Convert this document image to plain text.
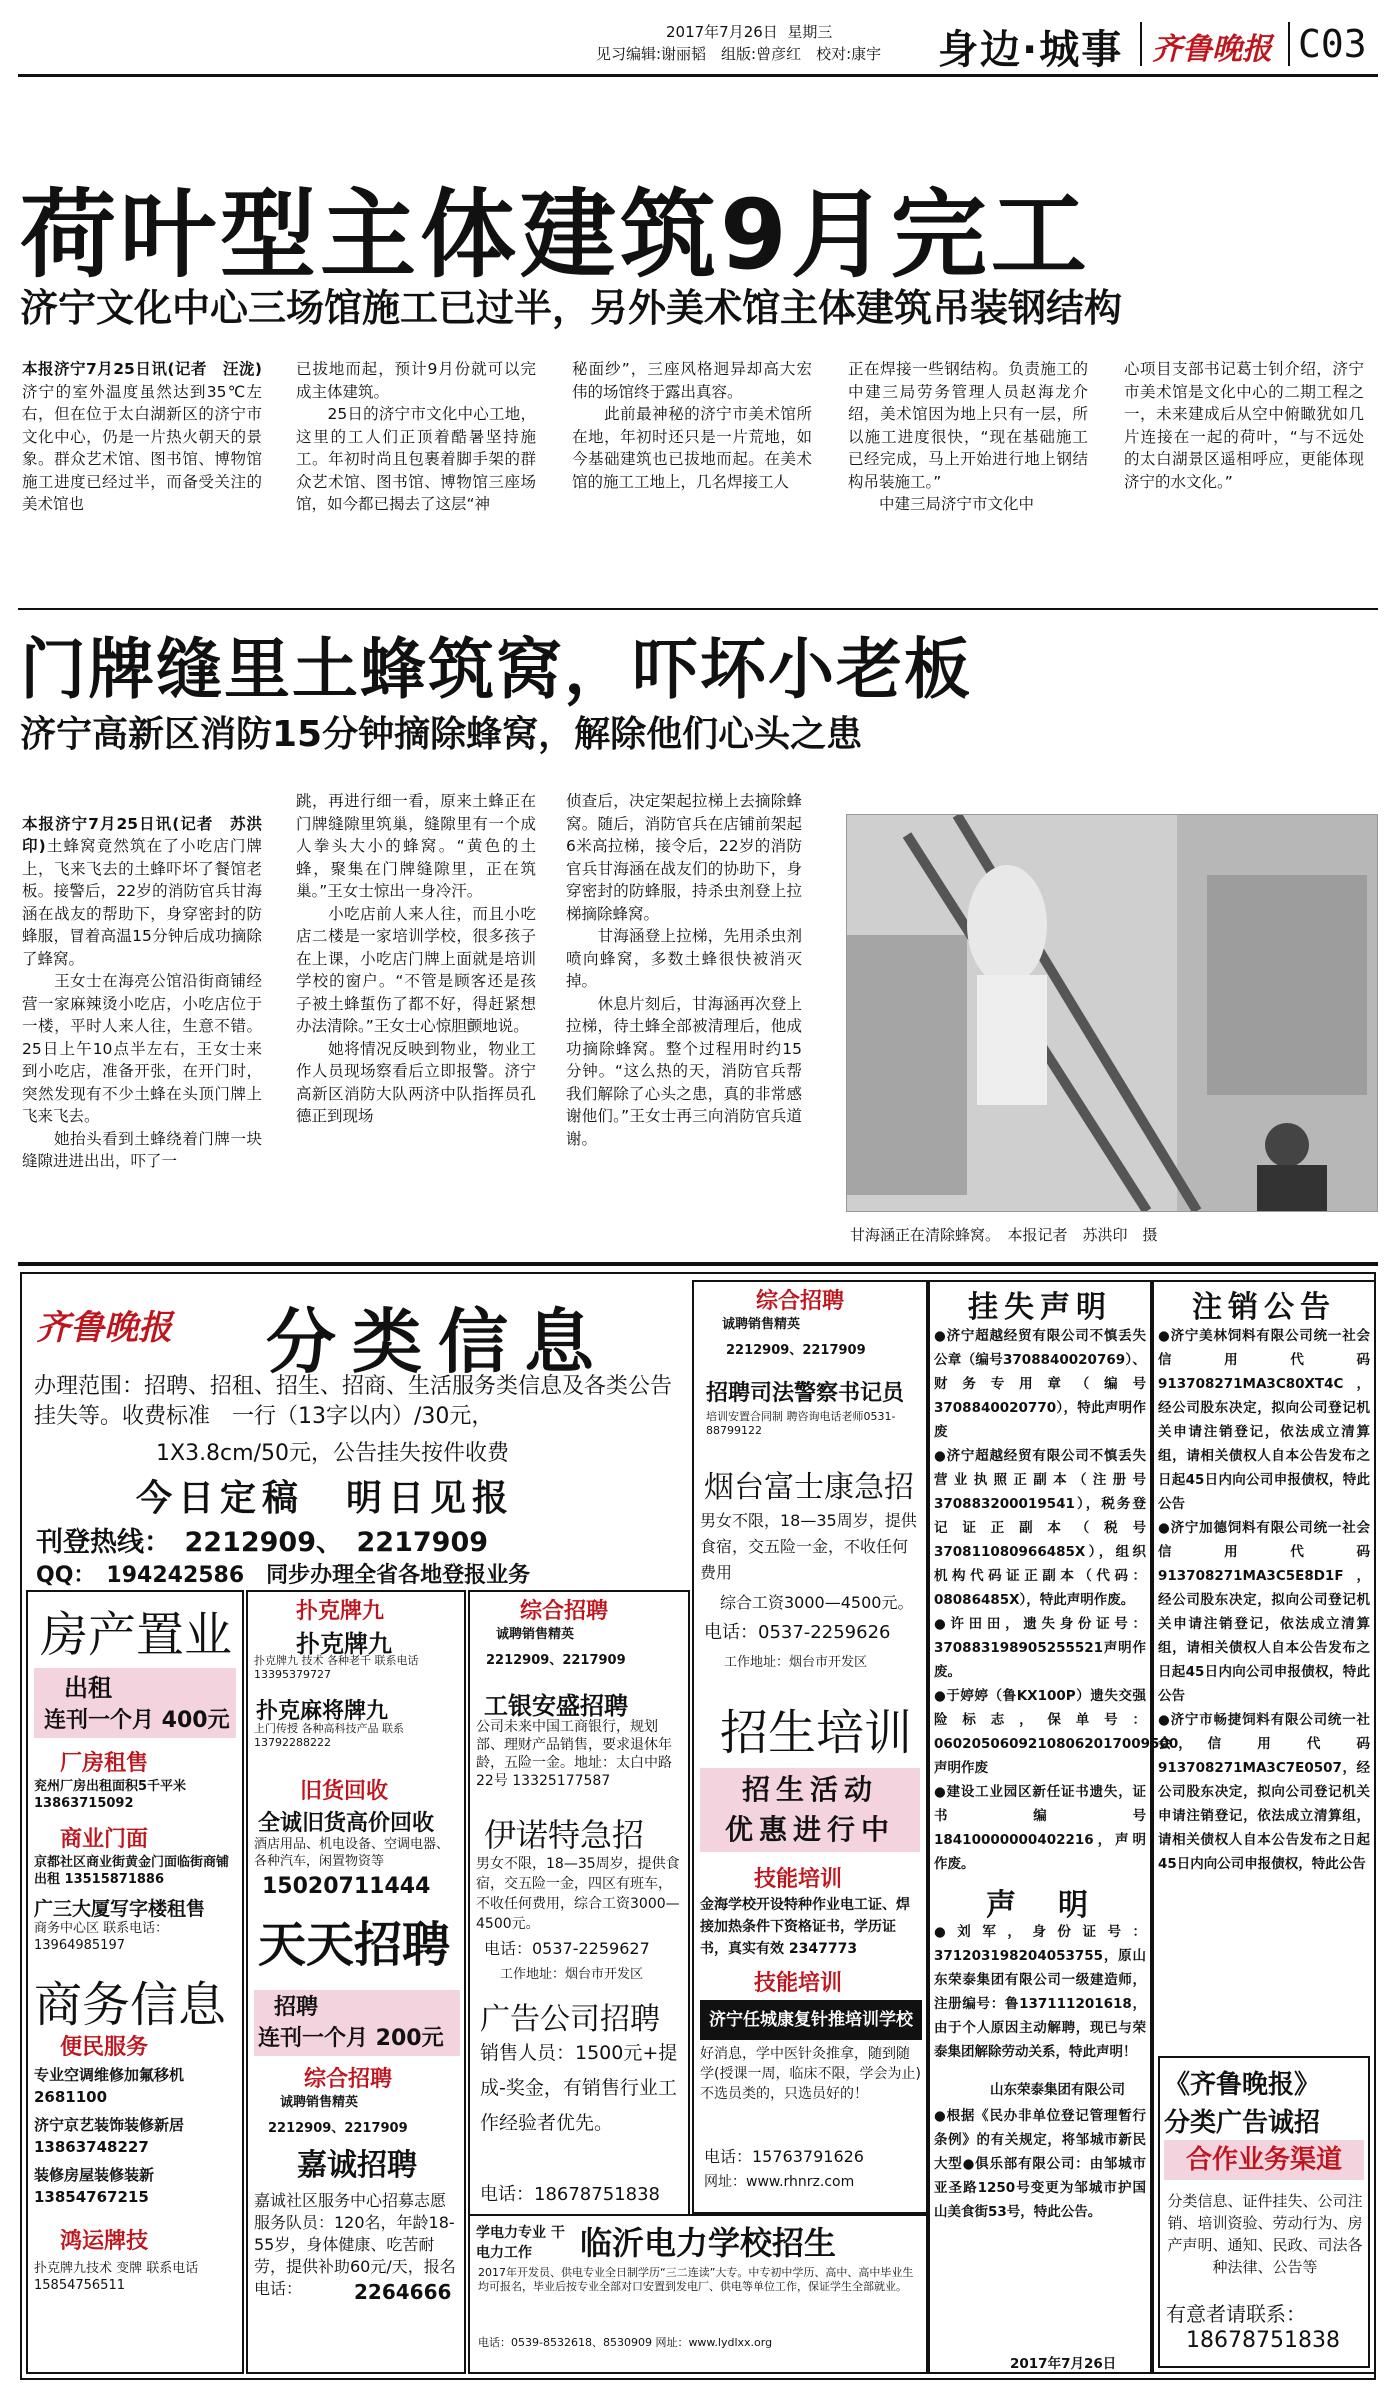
2017年7月26日 星期三
见习编辑:谢丽韬　组版:曾彦红　校对:康宇 身边·城事 齐鲁晚报 C03
荷叶型主体建筑9月完工
济宁文化中心三场馆施工已过半，另外美术馆主体建筑吊装钢结构
本报济宁7月25日讯(记者　汪泷)济宁的室外温度虽然达到35℃左右，但在位于太白湖新区的济宁市文化中心，仍是一片热火朝天的景象。群众艺术馆、图书馆、博物馆施工进度已经过半，而备受关注的美术馆也
已拔地而起，预计9月份就可以完成主体建筑。
　　25日的济宁市文化中心工地，这里的工人们正顶着酷暑坚持施工。年初时尚且包裹着脚手架的群众艺术馆、图书馆、博物馆三座场馆，如今都已揭去了这层“神
秘面纱”，三座风格迥异却高大宏伟的场馆终于露出真容。
　　此前最神秘的济宁市美术馆所在地，年初时还只是一片荒地，如今基础建筑也已拔地而起。在美术馆的施工工地上，几名焊接工人
正在焊接一些钢结构。负责施工的中建三局劳务管理人员赵海龙介绍，美术馆因为地上只有一层，所以施工进度很快，“现在基础施工已经完成，马上开始进行地上钢结构吊装施工。”
　　中建三局济宁市文化中
心项目支部书记葛士钊介绍，济宁市美术馆是文化中心的二期工程之一，未来建成后从空中俯瞰犹如几片连接在一起的荷叶，“与不远处的太白湖景区遥相呼应，更能体现济宁的水文化。”
门牌缝里土蜂筑窝，吓坏小老板
济宁高新区消防15分钟摘除蜂窝，解除他们心头之患

本报济宁7月25日讯(记者　苏洪印)土蜂窝竟然筑在了小吃店门牌上，飞来飞去的土蜂吓坏了餐馆老板。接警后，22岁的消防官兵甘海涵在战友的帮助下，身穿密封的防蜂服，冒着高温15分钟后成功摘除了蜂窝。
　　王女士在海亮公馆沿街商铺经营一家麻辣烫小吃店，小吃店位于一楼，平时人来人往，生意不错。25日上午10点半左右，王女士来到小吃店，准备开张，在开门时，突然发现有不少土蜂在头顶门牌上飞来飞去。
　　她抬头看到土蜂绕着门牌一块缝隙进进出出，吓了一

跳，再进行细一看，原来土蜂正在门牌缝隙里筑巢，缝隙里有一个成人拳头大小的蜂窝。“黄色的土蜂，聚集在门牌缝隙里，正在筑巢。”王女士惊出一身冷汗。
　　小吃店前人来人往，而且小吃店二楼是一家培训学校，很多孩子在上课，小吃店门牌上面就是培训学校的窗户。“不管是顾客还是孩子被土蜂蜇伤了都不好，得赶紧想办法清除。”王女士心惊胆颤地说。
　　她将情况反映到物业，物业工作人员现场察看后立即报警。济宁高新区消防大队两济中队指挥员孔德正到现场
侦查后，决定架起拉梯上去摘除蜂窝。随后，消防官兵在店铺前架起6米高拉梯，接令后，22岁的消防官兵甘海涵在战友们的协助下，身穿密封的防蜂服，持杀虫剂登上拉梯摘除蜂窝。
　　甘海涵登上拉梯，先用杀虫剂喷向蜂窝，多数土蜂很快被消灭掉。
　　休息片刻后，甘海涵再次登上拉梯，待土蜂全部被清理后，他成功摘除蜂窝。整个过程用时约15分钟。“这么热的天，消防官兵帮我们解除了心头之患，真的非常感谢他们。”王女士再三向消防官兵道谢。
甘海涵正在清除蜂窝。　本报记者　苏洪印　摄
齐鲁晚报 分类信息
办理范围：招聘、招租、招生、招商、生活服务类信息及各类公告挂失等。收费标准　一行（13字以内）/30元，
1X3.8cm/50元，公告挂失按件收费
今日定稿　明日见报
刊登热线：　2212909、　2217909
QQ：　194242586　同步办理全省各地登报业务
房产置业
出租
连刊一个月 400元
厂房租售
兖州厂房出租面积5千平米 13863715092
商业门面
京都社区商业街黄金门面临街商铺出租 13515871886
广三大厦写字楼租售
商务中心区 联系电话：13964985197
商务信息
便民服务
专业空调维修加氟移机 2681100
济宁京艺装饰装修新居 13863748227
装修房屋装修装新 13854767215
鸿运牌技
扑克牌九技术 变牌 联系电话 15854756511
扑克牌九
扑克牌九
扑克牌九 技术 各种老千 联系电话 13395379727
扑克麻将牌九
上门传授 各种高科技产品 联系 13792288222
旧货回收
全诚旧货高价回收
酒店用品、机电设备、空调电器、各种汽车，闲置物资等
15020711444
天天招聘
招聘
连刊一个月 200元
综合招聘
诚聘销售精英
2212909、2217909
嘉诚招聘
嘉诚社区服务中心招募志愿服务队员：120名，年龄18-55岁，身体健康、吃苦耐劳，提供补助60元/天，报名电话：	2264666
综合招聘
诚聘销售精英
2212909、2217909
工银安盛招聘
公司未来中国工商银行，规划部、理财产品销售，要求退休年龄，五险一金。地址：太白中路22号 13325177587
伊诺特急招
男女不限，18—35周岁，提供食宿，交五险一金，四区有班车，不收任何费用，综合工资3000—4500元。
电话：0537-2259627
工作地址：烟台市开发区
广告公司招聘
销售人员：1500元+提成-奖金，有销售行业工作经验者优先。
电话：18678751838
学电力专业 干电力工作	临沂电力学校招生
2017年开发员、供电专业全日制学历“三二连读”大专。中专初中学历、高中、高中毕业生均可报名，毕业后按专业全部对口安置到发电厂、供电等单位工作，保证学生全部就业。
电话：0539-8532618、8530909 网址：www.lydlxx.org
综合招聘
诚聘销售精英
2212909、2217909
招聘司法警察书记员
培训安置合同制 聘咨询电话老师0531-88799122
烟台富士康急招
男女不限，18—35周岁，提供食宿，交五险一金，不收任何费用
综合工资3000—4500元。
电话：0537-2259626
工作地址：烟台市开发区
招生培训
招生活动
优惠进行中
技能培训
金海学校开设特种作业电工证、焊接加热条件下资格证书，学历证书，真实有效 2347773
技能培训
济宁任城康复针推培训学校
好消息，学中医针灸推拿，随到随学(授课一周，临床不限，学会为止)不选员类的，只选员好的！
电话：15763791626
网址：www.rhnrz.com
挂失声明
●济宁超越经贸有限公司不慎丢失公章（编号3708840020769）、财务专用章（编号3708840020770），特此声明作废
●济宁超越经贸有限公司不慎丢失营业执照正副本（注册号370883200019541），税务登记证正副本（税号370811080966485X），组织机构代码证正副本（代码：08086485X），特此声明作废。
●许田田，遗失身份证号：370883198905255521声明作废。
●于婷婷（鲁KX100P）遗失交强险标志，保单号：06020506092108062017009500，声明作废
●建设工业园区新任证书遗失，证书编号18410000000402216，声明作废。
声　明
●刘军，身份证号：371203198204053755，原山东荣泰集团有限公司一级建造师，注册编号：鲁137111201618，由于个人原因主动解聘，现已与荣泰集团解除劳动关系，特此声明！
山东荣泰集团有限公司
●根据《民办非单位登记管理暂行条例》的有关规定，将邹城市新民大型●俱乐部有限公司：由邹城市亚圣路1250号变更为邹城市护国山美食街53号，特此公告。
2017年7月26日
注销公告
●济宁美林饲料有限公司统一社会信用代码913708271MA3C80XT4C，经公司股东决定，拟向公司登记机关申请注销登记，依法成立清算组，请相关债权人自本公告发布之日起45日内向公司申报债权，特此公告
●济宁加德饲料有限公司统一社会信用代码913708271MA3C5E8D1F，经公司股东决定，拟向公司登记机关申请注销登记，依法成立清算组，请相关债权人自本公告发布之日起45日内向公司申报债权，特此公告
●济宁市畅捷饲料有限公司统一社会信用代码913708271MA3C7E0507，经公司股东决定，拟向公司登记机关申请注销登记，依法成立清算组，请相关债权人自本公告发布之日起45日内向公司申报债权，特此公告
《齐鲁晚报》
分类广告诚招
合作业务渠道
分类信息、证件挂失、公司注销、培训资验、劳动行为、房产声明、通知、民政、司法各种法律、公告等
有意者请联系：
18678751838
